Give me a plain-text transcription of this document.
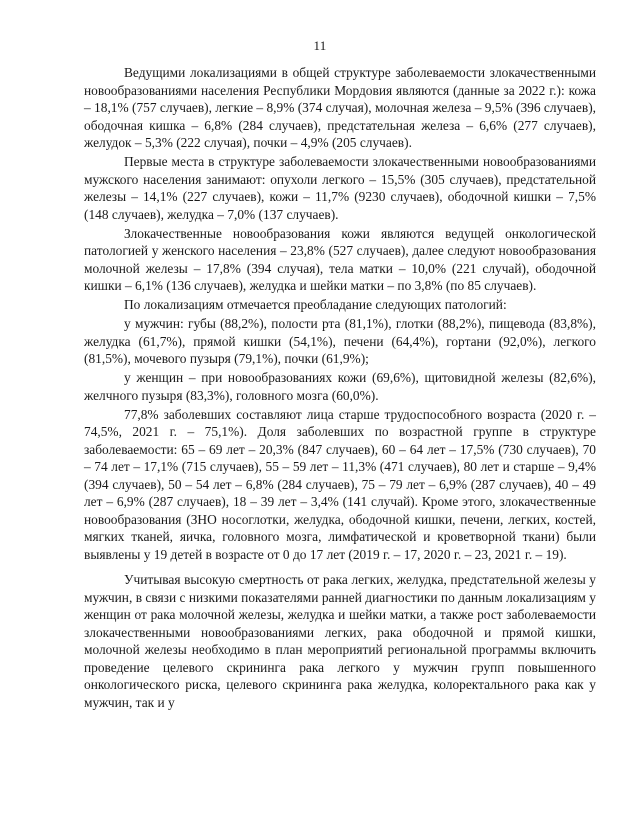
11

Ведущими локализациями в общей структуре заболеваемости злокачественными новообразованиями населения Республики Мордовия являются (данные за 2022 г.): кожа – 18,1% (757 случаев), легкие – 8,9% (374 случая), молочная железа – 9,5% (396 случаев), ободочная кишка – 6,8% (284 случаев), предстательная железа – 6,6% (277 случаев), желудок – 5,3% (222 случая), почки – 4,9% (205 случаев).

Первые места в структуре заболеваемости злокачественными новообразованиями мужского населения занимают: опухоли легкого – 15,5% (305 случаев), предстательной железы – 14,1% (227 случаев), кожи – 11,7% (9230 случаев), ободочной кишки – 7,5% (148 случаев), желудка – 7,0% (137 случаев).

Злокачественные новообразования кожи являются ведущей онкологической патологией у женского населения – 23,8% (527 случаев), далее следуют новообразования молочной железы – 17,8% (394 случая), тела матки – 10,0% (221 случай), ободочной кишки – 6,1% (136 случаев), желудка и шейки матки – по 3,8% (по 85 случаев).

По локализациям отмечается преобладание следующих патологий:

у мужчин: губы (88,2%), полости рта (81,1%), глотки (88,2%), пищевода (83,8%), желудка (61,7%), прямой кишки (54,1%), печени (64,4%), гортани (92,0%), легкого (81,5%), мочевого пузыря (79,1%), почки (61,9%);

у женщин – при новообразованиях кожи (69,6%), щитовидной железы (82,6%), желчного пузыря (83,3%), головного мозга (60,0%).

77,8% заболевших составляют лица старше трудоспособного возраста (2020 г. – 74,5%, 2021 г. – 75,1%). Доля заболевших по возрастной группе в структуре заболеваемости: 65 – 69 лет – 20,3% (847 случаев), 60 – 64 лет – 17,5% (730 случаев), 70 – 74 лет – 17,1% (715 случаев), 55 – 59 лет – 11,3% (471 случаев), 80 лет и старше – 9,4% (394 случаев), 50 – 54 лет – 6,8% (284 случаев), 75 – 79 лет – 6,9% (287 случаев), 40 – 49 лет – 6,9% (287 случаев), 18 – 39 лет – 3,4% (141 случай). Кроме этого, злокачественные новообразования (ЗНО носоглотки, желудка, ободочной кишки, печени, легких, костей, мягких тканей, яичка, головного мозга, лимфатической и кроветворной ткани) были выявлены у 19 детей в возрасте от 0 до 17 лет (2019 г. – 17, 2020 г. – 23, 2021 г. – 19).

Учитывая высокую смертность от рака легких, желудка, предстательной железы у мужчин, в связи с низкими показателями ранней диагностики по данным локализациям у женщин от рака молочной железы, желудка и шейки матки, а также рост заболеваемости злокачественными новообразованиями легких, рака ободочной и прямой кишки, молочной железы необходимо в план мероприятий региональной программы включить проведение целевого скрининга рака легкого у мужчин групп повышенного онкологического риска, целевого скрининга рака желудка, колоректального рака как у мужчин, так и у
